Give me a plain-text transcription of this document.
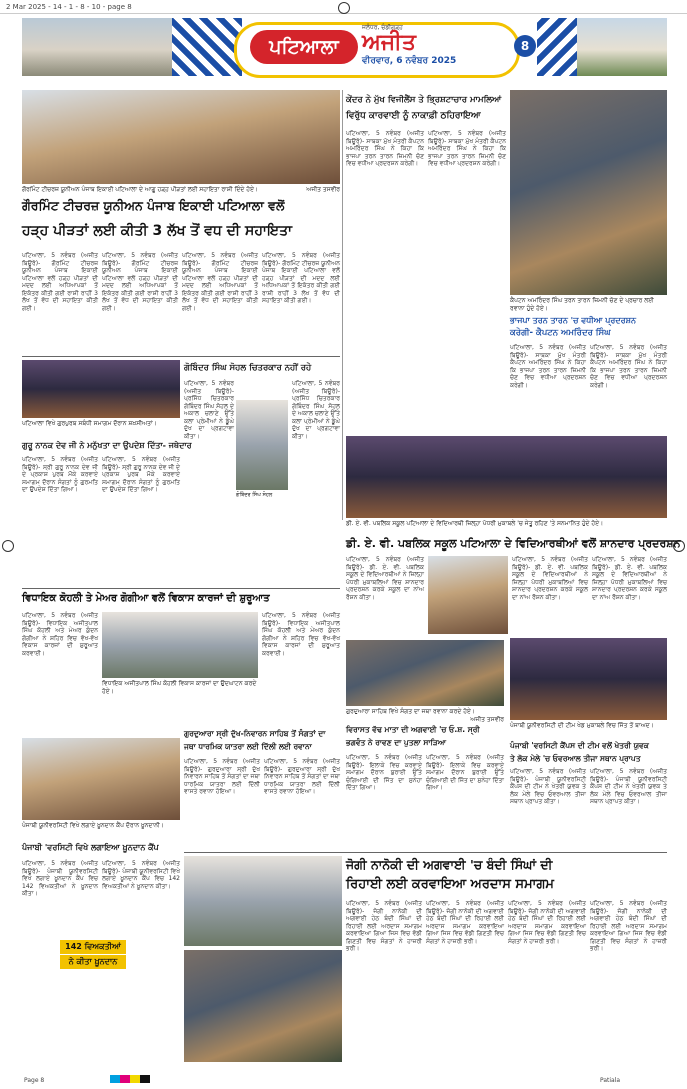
2 Mar 2025 - 14 - 1 - 8 - 10 - page 8
ਪਟਿਆਲਾ
ਜਲੰਧਰ, ਚੰਡੀਗੜ੍ਹ
ਅਜੀਤ
ਵੀਰਵਾਰ, 6 ਨਵੰਬਰ 2025
8
ਗੌਰਮਿੰਟ ਟੀਚਰਜ਼ ਯੂਨੀਅਨ ਪੰਜਾਬ ਇਕਾਈ ਪਟਿਆਲਾ ਦੇ ਆਗੂ ਹੜ੍ਹ ਪੀੜਤਾਂ ਲਈ ਸਹਾਇਤਾ ਰਾਸ਼ੀ ਦਿੰਦੇ ਹੋਏ।	ਅਜੀਤ ਤਸਵੀਰ
ਗੌਰਮਿੰਟ ਟੀਚਰਜ਼ ਯੂਨੀਅਨ ਪੰਜਾਬ ਇਕਾਈ ਪਟਿਆਲਾ ਵਲੋਂ
ਹੜ੍ਹ ਪੀੜਤਾਂ ਲਈ ਕੀਤੀ 3 ਲੱਖ ਤੋਂ ਵਧ ਦੀ ਸਹਾਇਤਾ
ਪਟਿਆਲਾ, 5 ਨਵੰਬਰ (ਅਜੀਤ ਬਿਊਰੋ)- ਗੌਰਮਿੰਟ ਟੀਚਰਜ਼ ਯੂਨੀਅਨ ਪੰਜਾਬ ਇਕਾਈ ਪਟਿਆਲਾ ਵਲੋਂ ਹੜ੍ਹ ਪੀੜਤਾਂ ਦੀ ਮਦਦ ਲਈ ਅਧਿਆਪਕਾਂ ਤੋਂ ਇਕੱਤਰ ਕੀਤੀ ਗਈ ਰਾਸ਼ੀ ਰਾਹੀਂ 3 ਲੱਖ ਤੋਂ ਵੱਧ ਦੀ ਸਹਾਇਤਾ ਕੀਤੀ ਗਈ।
ਪਟਿਆਲਾ, 5 ਨਵੰਬਰ (ਅਜੀਤ ਬਿਊਰੋ)- ਗੌਰਮਿੰਟ ਟੀਚਰਜ਼ ਯੂਨੀਅਨ ਪੰਜਾਬ ਇਕਾਈ ਪਟਿਆਲਾ ਵਲੋਂ ਹੜ੍ਹ ਪੀੜਤਾਂ ਦੀ ਮਦਦ ਲਈ ਅਧਿਆਪਕਾਂ ਤੋਂ ਇਕੱਤਰ ਕੀਤੀ ਗਈ ਰਾਸ਼ੀ ਰਾਹੀਂ 3 ਲੱਖ ਤੋਂ ਵੱਧ ਦੀ ਸਹਾਇਤਾ ਕੀਤੀ ਗਈ।
ਪਟਿਆਲਾ, 5 ਨਵੰਬਰ (ਅਜੀਤ ਬਿਊਰੋ)- ਗੌਰਮਿੰਟ ਟੀਚਰਜ਼ ਯੂਨੀਅਨ ਪੰਜਾਬ ਇਕਾਈ ਪਟਿਆਲਾ ਵਲੋਂ ਹੜ੍ਹ ਪੀੜਤਾਂ ਦੀ ਮਦਦ ਲਈ ਅਧਿਆਪਕਾਂ ਤੋਂ ਇਕੱਤਰ ਕੀਤੀ ਗਈ ਰਾਸ਼ੀ ਰਾਹੀਂ 3 ਲੱਖ ਤੋਂ ਵੱਧ ਦੀ ਸਹਾਇਤਾ ਕੀਤੀ ਗਈ।
ਪਟਿਆਲਾ, 5 ਨਵੰਬਰ (ਅਜੀਤ ਬਿਊਰੋ)- ਗੌਰਮਿੰਟ ਟੀਚਰਜ਼ ਯੂਨੀਅਨ ਪੰਜਾਬ ਇਕਾਈ ਪਟਿਆਲਾ ਵਲੋਂ ਹੜ੍ਹ ਪੀੜਤਾਂ ਦੀ ਮਦਦ ਲਈ ਅਧਿਆਪਕਾਂ ਤੋਂ ਇਕੱਤਰ ਕੀਤੀ ਗਈ ਰਾਸ਼ੀ ਰਾਹੀਂ 3 ਲੱਖ ਤੋਂ ਵੱਧ ਦੀ ਸਹਾਇਤਾ ਕੀਤੀ ਗਈ।
ਕੇਂਦਰ ਨੇ ਮੁੱਖ ਵਿਜੀਲੈਂਸ ਤੇ ਭ੍ਰਿਸ਼ਟਾਚਾਰ ਮਾਮਲਿਆਂ
ਵਿਰੁੱਧ ਕਾਰਵਾਈ ਨੂੰ ਨਾਕਾਫ਼ੀ ਠਹਿਰਾਇਆ
ਪਟਿਆਲਾ, 5 ਨਵੰਬਰ (ਅਜੀਤ ਬਿਊਰੋ)- ਸਾਬਕਾ ਮੁੱਖ ਮੰਤਰੀ ਕੈਪਟਨ ਅਮਰਿੰਦਰ ਸਿੰਘ ਨੇ ਕਿਹਾ ਕਿ ਭਾਜਪਾ ਤਰਨ ਤਾਰਨ ਜ਼ਿਮਨੀ ਚੋਣ ਵਿਚ ਵਧੀਆ ਪ੍ਰਦਰਸ਼ਨ ਕਰੇਗੀ।
ਪਟਿਆਲਾ, 5 ਨਵੰਬਰ (ਅਜੀਤ ਬਿਊਰੋ)- ਸਾਬਕਾ ਮੁੱਖ ਮੰਤਰੀ ਕੈਪਟਨ ਅਮਰਿੰਦਰ ਸਿੰਘ ਨੇ ਕਿਹਾ ਕਿ ਭਾਜਪਾ ਤਰਨ ਤਾਰਨ ਜ਼ਿਮਨੀ ਚੋਣ ਵਿਚ ਵਧੀਆ ਪ੍ਰਦਰਸ਼ਨ ਕਰੇਗੀ।
ਕੈਪਟਨ ਅਮਰਿੰਦਰ ਸਿੰਘ ਤਰਨ ਤਾਰਨ ਜ਼ਿਮਨੀ ਚੋਣ ਦੇ ਪ੍ਰਚਾਰ ਲਈ ਰਵਾਨਾ ਹੁੰਦੇ ਹੋਏ।
ਭਾਜਪਾ ਤਰਨ ਤਾਰਨ 'ਚ ਵਧੀਆ ਪ੍ਰਦਰਸ਼ਨ
ਕਰੇਗੀ- ਕੈਪਟਨ ਅਮਰਿੰਦਰ ਸਿੰਘ
ਪਟਿਆਲਾ, 5 ਨਵੰਬਰ (ਅਜੀਤ ਬਿਊਰੋ)- ਸਾਬਕਾ ਮੁੱਖ ਮੰਤਰੀ ਕੈਪਟਨ ਅਮਰਿੰਦਰ ਸਿੰਘ ਨੇ ਕਿਹਾ ਕਿ ਭਾਜਪਾ ਤਰਨ ਤਾਰਨ ਜ਼ਿਮਨੀ ਚੋਣ ਵਿਚ ਵਧੀਆ ਪ੍ਰਦਰਸ਼ਨ ਕਰੇਗੀ।
ਪਟਿਆਲਾ, 5 ਨਵੰਬਰ (ਅਜੀਤ ਬਿਊਰੋ)- ਸਾਬਕਾ ਮੁੱਖ ਮੰਤਰੀ ਕੈਪਟਨ ਅਮਰਿੰਦਰ ਸਿੰਘ ਨੇ ਕਿਹਾ ਕਿ ਭਾਜਪਾ ਤਰਨ ਤਾਰਨ ਜ਼ਿਮਨੀ ਚੋਣ ਵਿਚ ਵਧੀਆ ਪ੍ਰਦਰਸ਼ਨ ਕਰੇਗੀ।
ਪਟਿਆਲਾ ਵਿਖੇ ਗੁਰਪੁਰਬ ਸਬੰਧੀ ਸਮਾਗਮ ਦੌਰਾਨ ਸ਼ਖ਼ਸੀਅਤਾਂ।
ਗੁਰੂ ਨਾਨਕ ਦੇਵ ਜੀ ਨੇ ਮਨੁੱਖਤਾ ਦਾ ਉਪਦੇਸ਼ ਦਿੱਤਾ- ਜਥੇਦਾਰ
ਪਟਿਆਲਾ, 5 ਨਵੰਬਰ (ਅਜੀਤ ਬਿਊਰੋ)- ਸ੍ਰੀ ਗੁਰੂ ਨਾਨਕ ਦੇਵ ਜੀ ਦੇ ਪ੍ਰਕਾਸ਼ ਪੁਰਬ ਮੌਕੇ ਕਰਵਾਏ ਸਮਾਗਮ ਦੌਰਾਨ ਸੰਗਤਾਂ ਨੂੰ ਗੁਰਮਤਿ ਦਾ ਉਪਦੇਸ਼ ਦਿੱਤਾ ਗਿਆ।
ਪਟਿਆਲਾ, 5 ਨਵੰਬਰ (ਅਜੀਤ ਬਿਊਰੋ)- ਸ੍ਰੀ ਗੁਰੂ ਨਾਨਕ ਦੇਵ ਜੀ ਦੇ ਪ੍ਰਕਾਸ਼ ਪੁਰਬ ਮੌਕੇ ਕਰਵਾਏ ਸਮਾਗਮ ਦੌਰਾਨ ਸੰਗਤਾਂ ਨੂੰ ਗੁਰਮਤਿ ਦਾ ਉਪਦੇਸ਼ ਦਿੱਤਾ ਗਿਆ।
ਗੋਬਿੰਦਰ ਸਿੰਘ ਸੋਹਲ ਚਿਤਰਕਾਰ ਨਹੀਂ ਰਹੇ
ਗੋਬਿੰਦਰ ਸਿੰਘ ਸੋਹਲ
ਪਟਿਆਲਾ, 5 ਨਵੰਬਰ (ਅਜੀਤ ਬਿਊਰੋ)- ਪ੍ਰਸਿੱਧ ਚਿਤਰਕਾਰ ਗੋਬਿੰਦਰ ਸਿੰਘ ਸੋਹਲ ਦੇ ਅਕਾਲ ਚਲਾਣੇ ਉੱਤੇ ਕਲਾ ਪ੍ਰੇਮੀਆਂ ਨੇ ਡੂੰਘੇ ਦੁੱਖ ਦਾ ਪ੍ਰਗਟਾਵਾ ਕੀਤਾ।
ਪਟਿਆਲਾ, 5 ਨਵੰਬਰ (ਅਜੀਤ ਬਿਊਰੋ)- ਪ੍ਰਸਿੱਧ ਚਿਤਰਕਾਰ ਗੋਬਿੰਦਰ ਸਿੰਘ ਸੋਹਲ ਦੇ ਅਕਾਲ ਚਲਾਣੇ ਉੱਤੇ ਕਲਾ ਪ੍ਰੇਮੀਆਂ ਨੇ ਡੂੰਘੇ ਦੁੱਖ ਦਾ ਪ੍ਰਗਟਾਵਾ ਕੀਤਾ।
ਡੀ. ਏ. ਵੀ. ਪਬਲਿਕ ਸਕੂਲ ਪਟਿਆਲਾ ਦੇ ਵਿਦਿਆਰਥੀ ਜ਼ਿਲ੍ਹਾ ਪੱਧਰੀ ਮੁਕਾਬਲੇ 'ਚ ਜੇਤੂ ਰਹਿਣ 'ਤੇ ਸਨਮਾਨਿਤ ਹੁੰਦੇ ਹੋਏ।
ਡੀ. ਏ. ਵੀ. ਪਬਲਿਕ ਸਕੂਲ ਪਟਿਆਲਾ ਦੇ ਵਿਦਿਆਰਥੀਆਂ ਵਲੋਂ ਸ਼ਾਨਦਾਰ ਪ੍ਰਦਰਸ਼ਨ
ਪਟਿਆਲਾ, 5 ਨਵੰਬਰ (ਅਜੀਤ ਬਿਊਰੋ)- ਡੀ. ਏ. ਵੀ. ਪਬਲਿਕ ਸਕੂਲ ਦੇ ਵਿਦਿਆਰਥੀਆਂ ਨੇ ਜ਼ਿਲ੍ਹਾ ਪੱਧਰੀ ਮੁਕਾਬਲਿਆਂ ਵਿਚ ਸ਼ਾਨਦਾਰ ਪ੍ਰਦਰਸ਼ਨ ਕਰਕੇ ਸਕੂਲ ਦਾ ਨਾਂਅ ਰੌਸ਼ਨ ਕੀਤਾ।
ਪਟਿਆਲਾ, 5 ਨਵੰਬਰ (ਅਜੀਤ ਬਿਊਰੋ)- ਡੀ. ਏ. ਵੀ. ਪਬਲਿਕ ਸਕੂਲ ਦੇ ਵਿਦਿਆਰਥੀਆਂ ਨੇ ਜ਼ਿਲ੍ਹਾ ਪੱਧਰੀ ਮੁਕਾਬਲਿਆਂ ਵਿਚ ਸ਼ਾਨਦਾਰ ਪ੍ਰਦਰਸ਼ਨ ਕਰਕੇ ਸਕੂਲ ਦਾ ਨਾਂਅ ਰੌਸ਼ਨ ਕੀਤਾ।
ਪਟਿਆਲਾ, 5 ਨਵੰਬਰ (ਅਜੀਤ ਬਿਊਰੋ)- ਡੀ. ਏ. ਵੀ. ਪਬਲਿਕ ਸਕੂਲ ਦੇ ਵਿਦਿਆਰਥੀਆਂ ਨੇ ਜ਼ਿਲ੍ਹਾ ਪੱਧਰੀ ਮੁਕਾਬਲਿਆਂ ਵਿਚ ਸ਼ਾਨਦਾਰ ਪ੍ਰਦਰਸ਼ਨ ਕਰਕੇ ਸਕੂਲ ਦਾ ਨਾਂਅ ਰੌਸ਼ਨ ਕੀਤਾ।
ਵਿਧਾਇਕ ਕੋਹਲੀ ਤੇ ਮੇਅਰ ਗੋਗੀਆ ਵਲੋਂ ਵਿਕਾਸ ਕਾਰਜਾਂ ਦੀ ਸ਼ੁਰੂਆਤ
ਪਟਿਆਲਾ, 5 ਨਵੰਬਰ (ਅਜੀਤ ਬਿਊਰੋ)- ਵਿਧਾਇਕ ਅਜੀਤਪਾਲ ਸਿੰਘ ਕੋਹਲੀ ਅਤੇ ਮੇਅਰ ਕੁੰਦਨ ਗੋਗੀਆ ਨੇ ਸ਼ਹਿਰ ਵਿਚ ਵੱਖ-ਵੱਖ ਵਿਕਾਸ ਕਾਰਜਾਂ ਦੀ ਸ਼ੁਰੂਆਤ ਕਰਵਾਈ।
ਵਿਧਾਇਕ ਅਜੀਤਪਾਲ ਸਿੰਘ ਕੋਹਲੀ ਵਿਕਾਸ ਕਾਰਜਾਂ ਦਾ ਉਦਘਾਟਨ ਕਰਦੇ ਹੋਏ।
ਪਟਿਆਲਾ, 5 ਨਵੰਬਰ (ਅਜੀਤ ਬਿਊਰੋ)- ਵਿਧਾਇਕ ਅਜੀਤਪਾਲ ਸਿੰਘ ਕੋਹਲੀ ਅਤੇ ਮੇਅਰ ਕੁੰਦਨ ਗੋਗੀਆ ਨੇ ਸ਼ਹਿਰ ਵਿਚ ਵੱਖ-ਵੱਖ ਵਿਕਾਸ ਕਾਰਜਾਂ ਦੀ ਸ਼ੁਰੂਆਤ ਕਰਵਾਈ।
ਗੁਰਦੁਆਰਾ ਸਾਹਿਬ ਵਿਖੇ ਸੰਗਤ ਦਾ ਜਥਾ ਰਵਾਨਾ ਕਰਦੇ ਹੋਏ।
ਅਜੀਤ ਤਸਵੀਰ
ਪੰਜਾਬੀ ਯੂਨੀਵਰਸਿਟੀ ਦੀ ਟੀਮ ਖੇਡ ਮੁਕਾਬਲੇ ਵਿਚ ਜਿੱਤ ਤੋਂ ਬਾਅਦ।
ਪੰਜਾਬੀ 'ਵਰਸਿਟੀ ਕੈਂਪਸ ਦੀ ਟੀਮ ਵਲੋਂ ਖੇਤਰੀ ਯੁਵਕ
ਤੇ ਲੋਕ ਮੇਲੇ 'ਚ ਓਵਰਆਲ ਤੀਜਾ ਸਥਾਨ ਪ੍ਰਾਪਤ
ਪਟਿਆਲਾ, 5 ਨਵੰਬਰ (ਅਜੀਤ ਬਿਊਰੋ)- ਪੰਜਾਬੀ ਯੂਨੀਵਰਸਿਟੀ ਕੈਂਪਸ ਦੀ ਟੀਮ ਨੇ ਖੇਤਰੀ ਯੁਵਕ ਤੇ ਲੋਕ ਮੇਲੇ ਵਿਚ ਓਵਰਆਲ ਤੀਜਾ ਸਥਾਨ ਪ੍ਰਾਪਤ ਕੀਤਾ।
ਪਟਿਆਲਾ, 5 ਨਵੰਬਰ (ਅਜੀਤ ਬਿਊਰੋ)- ਪੰਜਾਬੀ ਯੂਨੀਵਰਸਿਟੀ ਕੈਂਪਸ ਦੀ ਟੀਮ ਨੇ ਖੇਤਰੀ ਯੁਵਕ ਤੇ ਲੋਕ ਮੇਲੇ ਵਿਚ ਓਵਰਆਲ ਤੀਜਾ ਸਥਾਨ ਪ੍ਰਾਪਤ ਕੀਤਾ।
ਗੁਰਦੁਆਰਾ ਸ੍ਰੀ ਦੁੱਖ-ਨਿਵਾਰਨ ਸਾਹਿਬ ਤੋਂ ਸੰਗਤਾਂ ਦਾ
ਜਥਾ ਧਾਰਮਿਕ ਯਾਤਰਾ ਲਈ ਦਿੱਲੀ ਲਈ ਰਵਾਨਾ
ਪਟਿਆਲਾ, 5 ਨਵੰਬਰ (ਅਜੀਤ ਬਿਊਰੋ)- ਗੁਰਦੁਆਰਾ ਸ੍ਰੀ ਦੁੱਖ ਨਿਵਾਰਨ ਸਾਹਿਬ ਤੋਂ ਸੰਗਤਾਂ ਦਾ ਜਥਾ ਧਾਰਮਿਕ ਯਾਤਰਾ ਲਈ ਦਿੱਲੀ ਵਾਸਤੇ ਰਵਾਨਾ ਹੋਇਆ।
ਪਟਿਆਲਾ, 5 ਨਵੰਬਰ (ਅਜੀਤ ਬਿਊਰੋ)- ਗੁਰਦੁਆਰਾ ਸ੍ਰੀ ਦੁੱਖ ਨਿਵਾਰਨ ਸਾਹਿਬ ਤੋਂ ਸੰਗਤਾਂ ਦਾ ਜਥਾ ਧਾਰਮਿਕ ਯਾਤਰਾ ਲਈ ਦਿੱਲੀ ਵਾਸਤੇ ਰਵਾਨਾ ਹੋਇਆ।
ਪੰਜਾਬੀ ਯੂਨੀਵਰਸਿਟੀ ਵਿਖੇ ਲਗਾਏ ਖ਼ੂਨਦਾਨ ਕੈਂਪ ਦੌਰਾਨ ਖ਼ੂਨਦਾਨੀ।
ਪੰਜਾਬੀ 'ਵਰਸਿਟੀ ਵਿਖੇ ਲਗਾਇਆ ਖ਼ੂਨਦਾਨ ਕੈਂਪ
ਪਟਿਆਲਾ, 5 ਨਵੰਬਰ (ਅਜੀਤ ਬਿਊਰੋ)- ਪੰਜਾਬੀ ਯੂਨੀਵਰਸਿਟੀ ਵਿਖੇ ਲਗਾਏ ਖ਼ੂਨਦਾਨ ਕੈਂਪ ਵਿਚ 142 ਵਿਅਕਤੀਆਂ ਨੇ ਖ਼ੂਨਦਾਨ ਕੀਤਾ।
ਪਟਿਆਲਾ, 5 ਨਵੰਬਰ (ਅਜੀਤ ਬਿਊਰੋ)- ਪੰਜਾਬੀ ਯੂਨੀਵਰਸਿਟੀ ਵਿਖੇ ਲਗਾਏ ਖ਼ੂਨਦਾਨ ਕੈਂਪ ਵਿਚ 142 ਵਿਅਕਤੀਆਂ ਨੇ ਖ਼ੂਨਦਾਨ ਕੀਤਾ।
142 ਵਿਅਕਤੀਆਂ
ਨੇ ਕੀਤਾ ਖ਼ੂਨਦਾਨ
ਵਿਰਾਸਤ ਵੱਢ ਮਾਤਾ ਦੀ ਅਗਵਾਈ 'ਚ ਓ.ਸ਼. ਸ੍ਰੀ
ਭਗਵੰਤ ਨੇ ਰਾਵਣ ਦਾ ਪੁਤਲਾ ਸਾੜਿਆ
ਪਟਿਆਲਾ, 5 ਨਵੰਬਰ (ਅਜੀਤ ਬਿਊਰੋ)- ਇਲਾਕੇ ਵਿਚ ਕਰਵਾਏ ਸਮਾਗਮ ਦੌਰਾਨ ਬੁਰਾਈ ਉੱਤੇ ਚੰਗਿਆਈ ਦੀ ਜਿੱਤ ਦਾ ਸੁਨੇਹਾ ਦਿੱਤਾ ਗਿਆ।
ਪਟਿਆਲਾ, 5 ਨਵੰਬਰ (ਅਜੀਤ ਬਿਊਰੋ)- ਇਲਾਕੇ ਵਿਚ ਕਰਵਾਏ ਸਮਾਗਮ ਦੌਰਾਨ ਬੁਰਾਈ ਉੱਤੇ ਚੰਗਿਆਈ ਦੀ ਜਿੱਤ ਦਾ ਸੁਨੇਹਾ ਦਿੱਤਾ ਗਿਆ।
ਜੋਗੀ ਨਾਨੋਕੀ ਦੀ ਅਗਵਾਈ 'ਚ ਬੰਦੀ ਸਿੰਘਾਂ ਦੀ
ਰਿਹਾਈ ਲਈ ਕਰਵਾਇਆ ਅਰਦਾਸ ਸਮਾਗਮ
ਪਟਿਆਲਾ, 5 ਨਵੰਬਰ (ਅਜੀਤ ਬਿਊਰੋ)- ਜੋਗੀ ਨਾਨੋਕੀ ਦੀ ਅਗਵਾਈ ਹੇਠ ਬੰਦੀ ਸਿੰਘਾਂ ਦੀ ਰਿਹਾਈ ਲਈ ਅਰਦਾਸ ਸਮਾਗਮ ਕਰਵਾਇਆ ਗਿਆ ਜਿਸ ਵਿਚ ਵੱਡੀ ਗਿਣਤੀ ਵਿਚ ਸੰਗਤਾਂ ਨੇ ਹਾਜ਼ਰੀ ਭਰੀ।
ਪਟਿਆਲਾ, 5 ਨਵੰਬਰ (ਅਜੀਤ ਬਿਊਰੋ)- ਜੋਗੀ ਨਾਨੋਕੀ ਦੀ ਅਗਵਾਈ ਹੇਠ ਬੰਦੀ ਸਿੰਘਾਂ ਦੀ ਰਿਹਾਈ ਲਈ ਅਰਦਾਸ ਸਮਾਗਮ ਕਰਵਾਇਆ ਗਿਆ ਜਿਸ ਵਿਚ ਵੱਡੀ ਗਿਣਤੀ ਵਿਚ ਸੰਗਤਾਂ ਨੇ ਹਾਜ਼ਰੀ ਭਰੀ।
ਪਟਿਆਲਾ, 5 ਨਵੰਬਰ (ਅਜੀਤ ਬਿਊਰੋ)- ਜੋਗੀ ਨਾਨੋਕੀ ਦੀ ਅਗਵਾਈ ਹੇਠ ਬੰਦੀ ਸਿੰਘਾਂ ਦੀ ਰਿਹਾਈ ਲਈ ਅਰਦਾਸ ਸਮਾਗਮ ਕਰਵਾਇਆ ਗਿਆ ਜਿਸ ਵਿਚ ਵੱਡੀ ਗਿਣਤੀ ਵਿਚ ਸੰਗਤਾਂ ਨੇ ਹਾਜ਼ਰੀ ਭਰੀ।
ਪਟਿਆਲਾ, 5 ਨਵੰਬਰ (ਅਜੀਤ ਬਿਊਰੋ)- ਜੋਗੀ ਨਾਨੋਕੀ ਦੀ ਅਗਵਾਈ ਹੇਠ ਬੰਦੀ ਸਿੰਘਾਂ ਦੀ ਰਿਹਾਈ ਲਈ ਅਰਦਾਸ ਸਮਾਗਮ ਕਰਵਾਇਆ ਗਿਆ ਜਿਸ ਵਿਚ ਵੱਡੀ ਗਿਣਤੀ ਵਿਚ ਸੰਗਤਾਂ ਨੇ ਹਾਜ਼ਰੀ ਭਰੀ।
Page 8	Patiala
